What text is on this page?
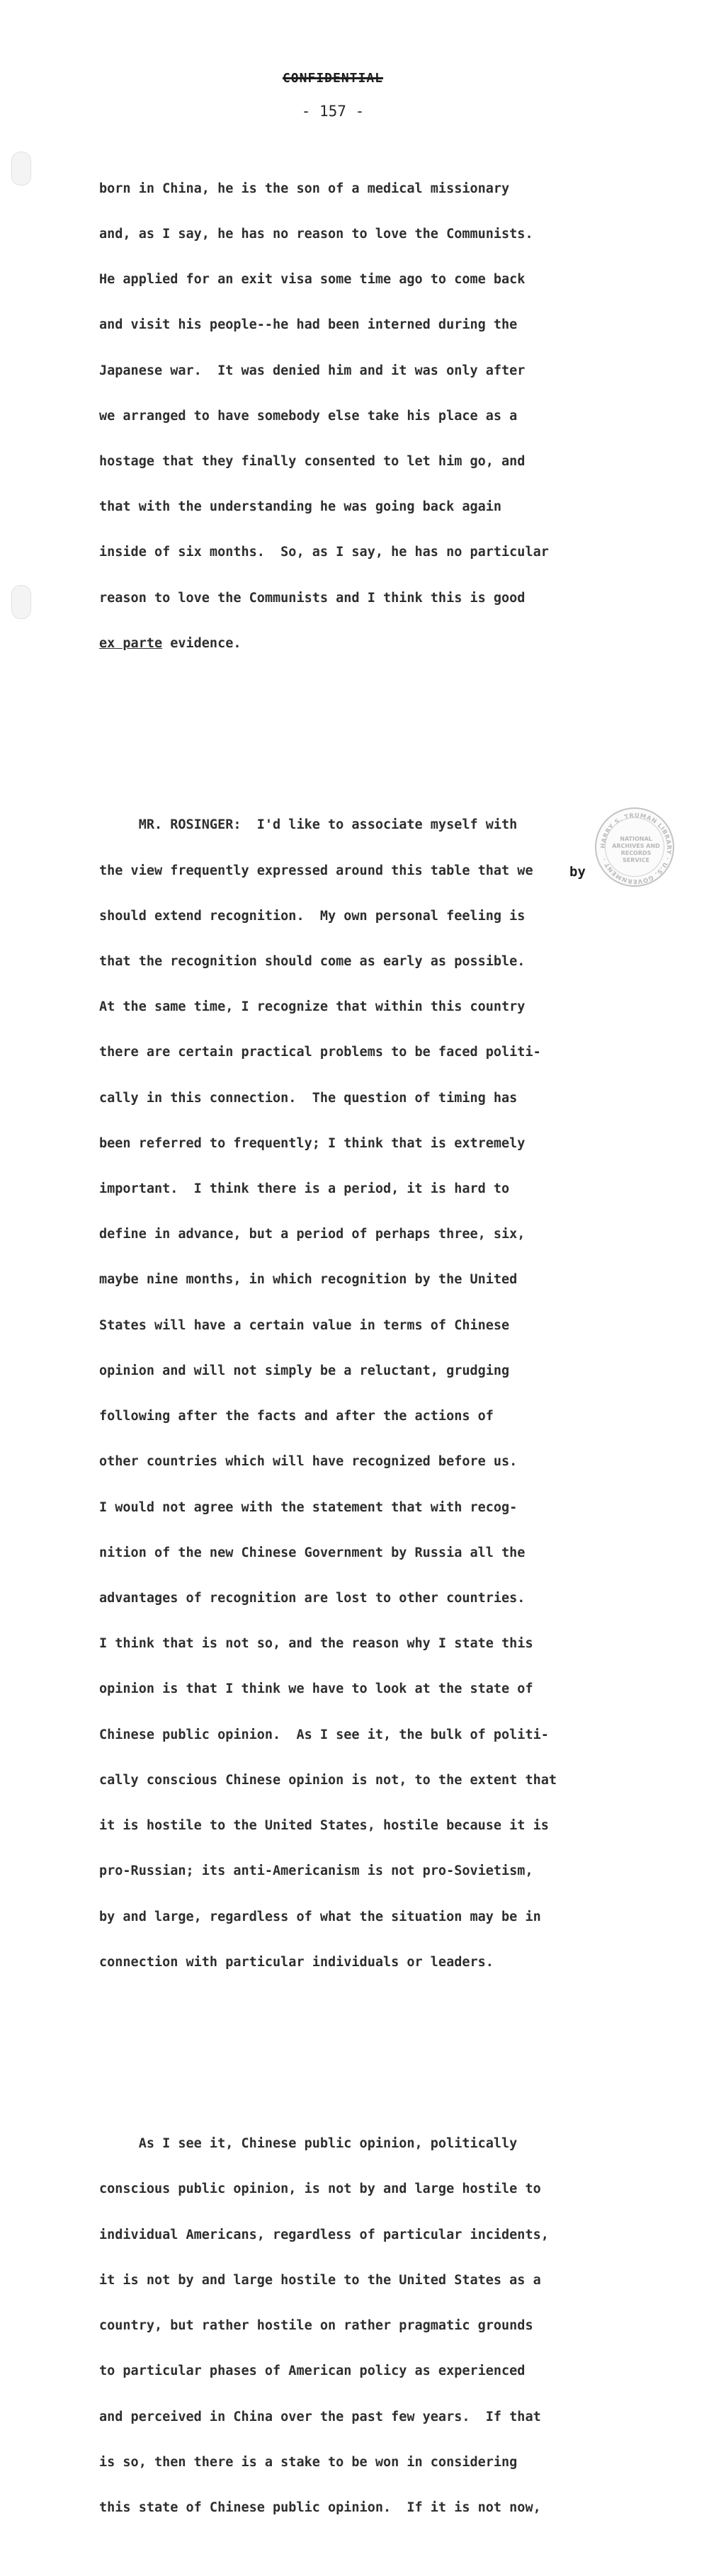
CONFIDENTIAL
- 157 -

born in China, he is the son of a medical missionary

and, as I say, he has no reason to love the Communists.

He applied for an exit visa some time ago to come back

and visit his people--he had been interned during the

Japanese war.  It was denied him and it was only after

we arranged to have somebody else take his place as a

hostage that they finally consented to let him go, and

that with the understanding he was going back again

inside of six months.  So, as I say, he has no particular

reason to love the Communists and I think this is good

ex parte evidence.

MR. ROSINGER:  I'd like to associate myself with

the view frequently expressed around this table that we

should extend recognition.  My own personal feeling is

that the recognition should come as early as possible.

At the same time, I recognize that within this country

there are certain practical problems to be faced politi-

cally in this connection.  The question of timing has

been referred to frequently; I think that is extremely

important.  I think there is a period, it is hard to

define in advance, but a period of perhaps three, six,

maybe nine months, in which recognition by the United

States will have a certain value in terms of Chinese

opinion and will not simply be a reluctant, grudging

following after the facts and after the actions of

other countries which will have recognized before us.

I would not agree with the statement that with recog-

nition of the new Chinese Government by Russia all the

advantages of recognition are lost to other countries.

I think that is not so, and the reason why I state this

opinion is that I think we have to look at the state of

Chinese public opinion.  As I see it, the bulk of politi-

cally conscious Chinese opinion is not, to the extent that

it is hostile to the United States, hostile because it is

pro-Russian; its anti-Americanism is not pro-Sovietism,

by and large, regardless of what the situation may be in

connection with particular individuals or leaders.

As I see it, Chinese public opinion, politically

conscious public opinion, is not by and large hostile to

individual Americans, regardless of particular incidents,

it is not by and large hostile to the United States as a

country, but rather hostile on rather pragmatic grounds

to particular phases of American policy as experienced

and perceived in China over the past few years.  If that

is so, then there is a stake to be won in considering

this state of Chinese public opinion.  If it is not now,

by
HARRY S. TRUMAN LIBRARY · U.S. GOVERNMENT ·
NATIONAL
ARCHIVES AND
RECORDS
SERVICE
